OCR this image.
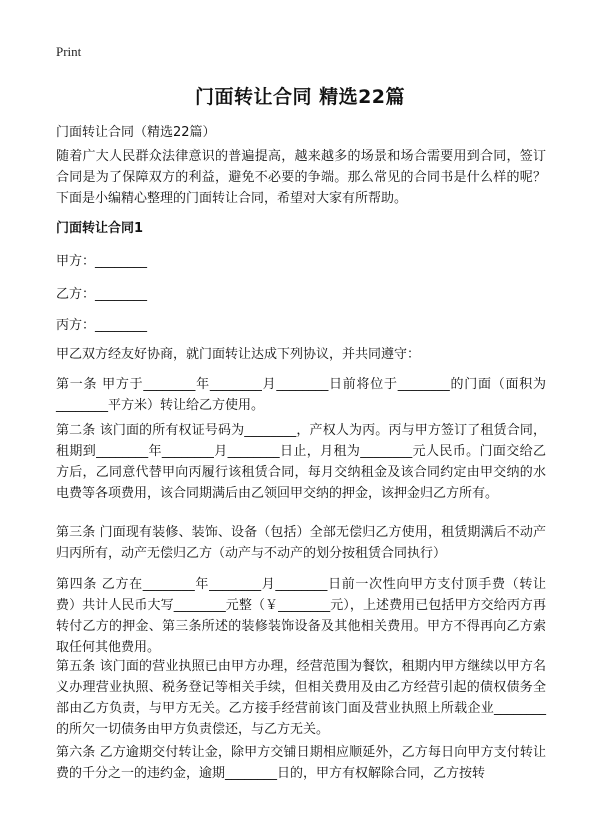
Print
门面转让合同 精选22篇
门面转让合同（精选22篇）
随着广大人民群众法律意识的普遍提高，越来越多的场景和场合需要用到合同，签订合同是为了保障双方的利益，避免不必要的争端。那么常见的合同书是什么样的呢？下面是小编精心整理的门面转让合同，希望对大家有所帮助。
门面转让合同1
甲方：________
乙方：________
丙方：________
甲乙双方经友好协商，就门面转让达成下列协议，并共同遵守：
第一条 甲方于________年________月________日前将位于________的门面（面积为________平方米）转让给乙方使用。
第二条 该门面的所有权证号码为________，产权人为丙。丙与甲方签订了租赁合同，租期到________年________月________日止，月租为________元人民币。门面交给乙方后，乙同意代替甲向丙履行该租赁合同，每月交纳租金及该合同约定由甲交纳的水电费等各项费用，该合同期满后由乙领回甲交纳的押金，该押金归乙方所有。
第三条 门面现有装修、装饰、设备（包括）全部无偿归乙方使用，租赁期满后不动产归丙所有，动产无偿归乙方（动产与不动产的划分按租赁合同执行）
第四条 乙方在________年________月________日前一次性向甲方支付顶手费（转让费）共计人民币大写________元整（￥________元），上述费用已包括甲方交给丙方再转付乙方的押金、第三条所述的装修装饰设备及其他相关费用。甲方不得再向乙方索取任何其他费用。
第五条 该门面的营业执照已由甲方办理，经营范围为餐饮，租期内甲方继续以甲方名义办理营业执照、税务登记等相关手续，但相关费用及由乙方经营引起的债权债务全部由乙方负责，与甲方无关。乙方接手经营前该门面及营业执照上所载企业________的所欠一切债务由甲方负责偿还，与乙方无关。
第六条 乙方逾期交付转让金，除甲方交铺日期相应顺延外，乙方每日向甲方支付转让费的千分之一的违约金，逾期________日的，甲方有权解除合同，乙方按转
